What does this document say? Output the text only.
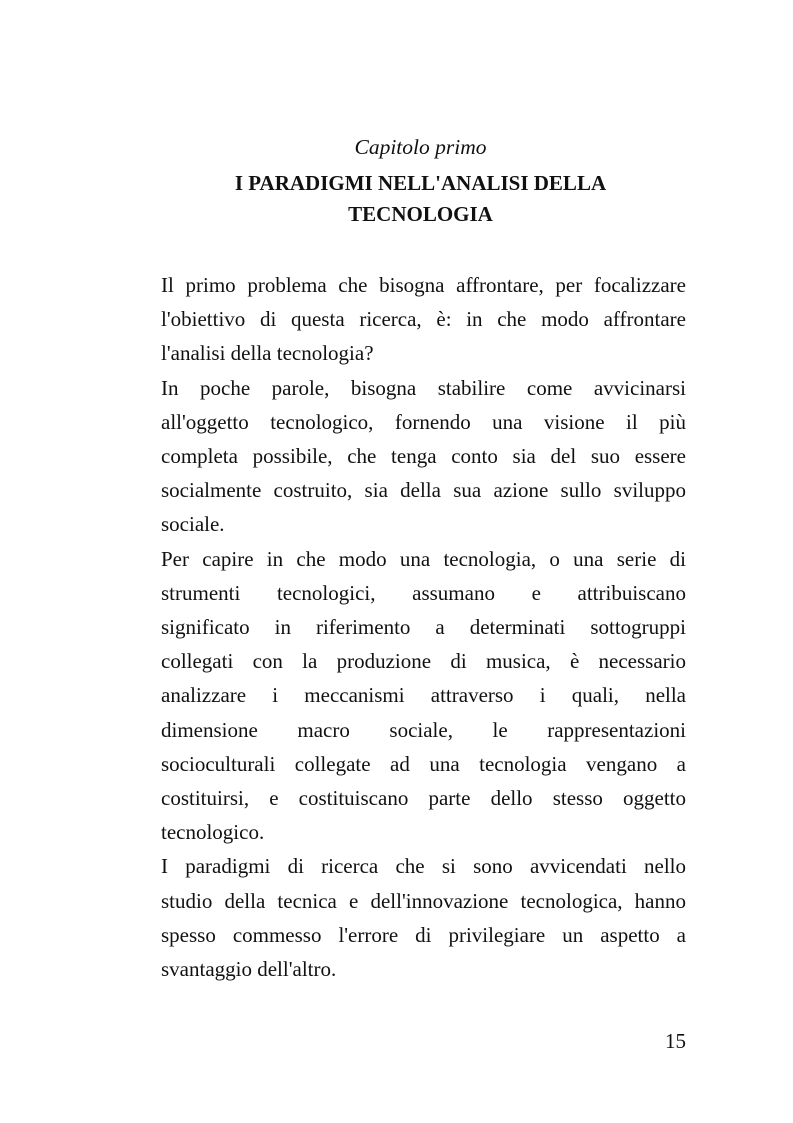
Capitolo primo
I PARADIGMI NELL'ANALISI DELLA
TECNOLOGIA

Il primo problema che bisogna affrontare, per focalizzare
l'obiettivo di questa ricerca, è: in che modo affrontare
l'analisi della tecnologia?

In poche parole, bisogna stabilire come avvicinarsi
all'oggetto tecnologico, fornendo una visione il più
completa possibile, che tenga conto sia del suo essere
socialmente costruito, sia della sua azione sullo sviluppo
sociale.

Per capire in che modo una tecnologia, o una serie di
strumenti tecnologici, assumano e attribuiscano
significato in riferimento a determinati sottogruppi
collegati con la produzione di musica, è necessario
analizzare i meccanismi attraverso i quali, nella
dimensione macro sociale, le rappresentazioni
socioculturali collegate ad una tecnologia vengano a
costituirsi, e costituiscano parte dello stesso oggetto
tecnologico.

I paradigmi di ricerca che si sono avvicendati nello
studio della tecnica e dell'innovazione tecnologica, hanno
spesso commesso l'errore di privilegiare un aspetto a
svantaggio dell'altro.

15
